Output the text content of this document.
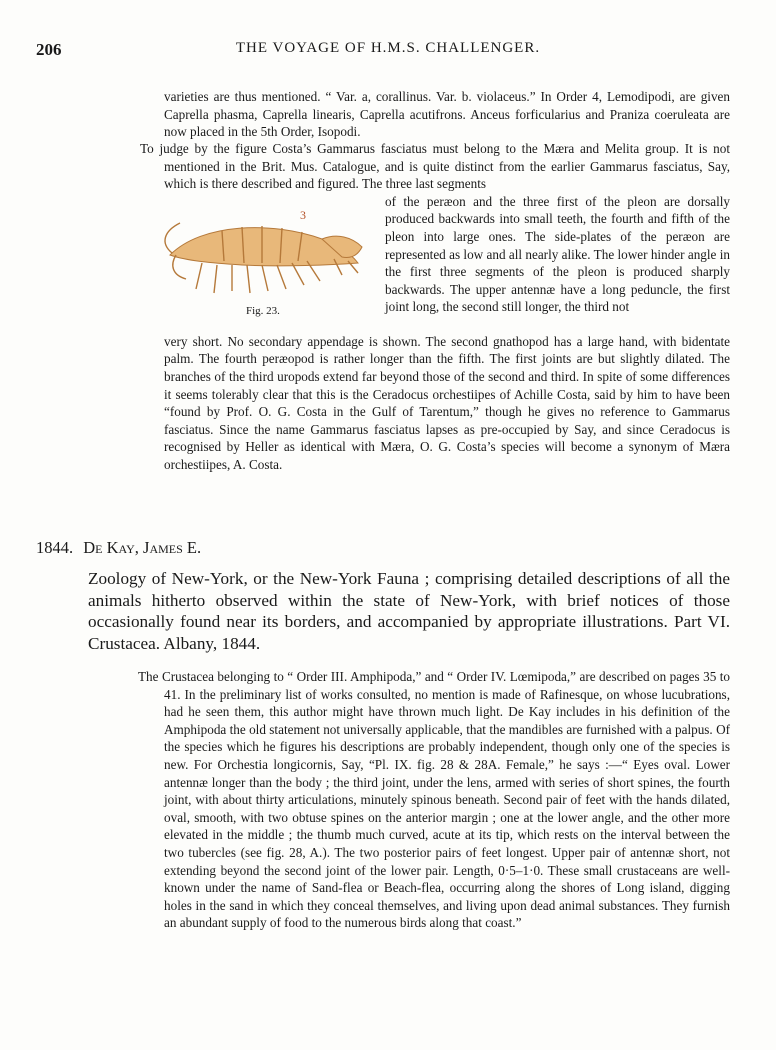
206	THE VOYAGE OF H.M.S. CHALLENGER.
varieties are thus mentioned. “ Var. a, corallinus. Var. b. violaceus.” In Order 4, Lemodipodi, are given Caprella phasma, Caprella linearis, Caprella acutifrons. Anceus forficularius and Praniza coeruleata are now placed in the 5th Order, Isopodi.
To judge by the figure Costa’s Gammarus fasciatus must belong to the Mæra and Melita group. It is not mentioned in the Brit. Mus. Catalogue, and is quite distinct from the earlier Gammarus fasciatus, Say, which is there described and figured. The three last segments
3
Fig. 23.
of the peræon and the three first of the pleon are dorsally produced backwards into small teeth, the fourth and fifth of the pleon into large ones. The side-plates of the peræon are represented as low and all nearly alike. The lower hinder angle in the first three segments of the pleon is produced sharply backwards. The upper antennæ have a long peduncle, the first joint long, the second still longer, the third not
very short. No secondary appendage is shown. The second gnathopod has a large hand, with bidentate palm. The fourth peræopod is rather longer than the fifth. The first joints are but slightly dilated. The branches of the third uropods extend far beyond those of the second and third. In spite of some differences it seems tolerably clear that this is the Ceradocus orchestiipes of Achille Costa, said by him to have been “found by Prof. O. G. Costa in the Gulf of Tarentum,” though he gives no reference to Gammarus fasciatus. Since the name Gammarus fasciatus lapses as pre-occupied by Say, and since Ceradocus is recognised by Heller as identical with Mæra, O. G. Costa’s species will become a synonym of Mæra orchestiipes, A. Costa.
1844. De Kay, James E.
Zoology of New-York, or the New-York Fauna ; comprising detailed descriptions of all the animals hitherto observed within the state of New-York, with brief notices of those occasionally found near its borders, and accompanied by appropriate illustrations. Part VI. Crustacea. Albany, 1844.
The Crustacea belonging to “ Order III. Amphipoda,” and “ Order IV. Lœmipoda,” are described on pages 35 to 41. In the preliminary list of works consulted, no mention is made of Rafinesque, on whose lucubrations, had he seen them, this author might have thrown much light. De Kay includes in his definition of the Amphipoda the old statement not universally applicable, that the mandibles are furnished with a palpus. Of the species which he figures his descriptions are probably independent, though only one of the species is new. For Orchestia longicornis, Say, “Pl. IX. fig. 28 & 28A. Female,” he says :—“ Eyes oval. Lower antennæ longer than the body ; the third joint, under the lens, armed with series of short spines, the fourth joint, with about thirty articulations, minutely spinous beneath. Second pair of feet with the hands dilated, oval, smooth, with two obtuse spines on the anterior margin ; one at the lower angle, and the other more elevated in the middle ; the thumb much curved, acute at its tip, which rests on the interval between the two tubercles (see fig. 28, A.). The two posterior pairs of feet longest. Upper pair of antennæ short, not extending beyond the second joint of the lower pair. Length, 0·5–1·0. These small crustaceans are well-known under the name of Sand-flea or Beach-flea, occurring along the shores of Long island, digging holes in the sand in which they conceal themselves, and living upon dead animal substances. They furnish an abundant supply of food to the numerous birds along that coast.”
